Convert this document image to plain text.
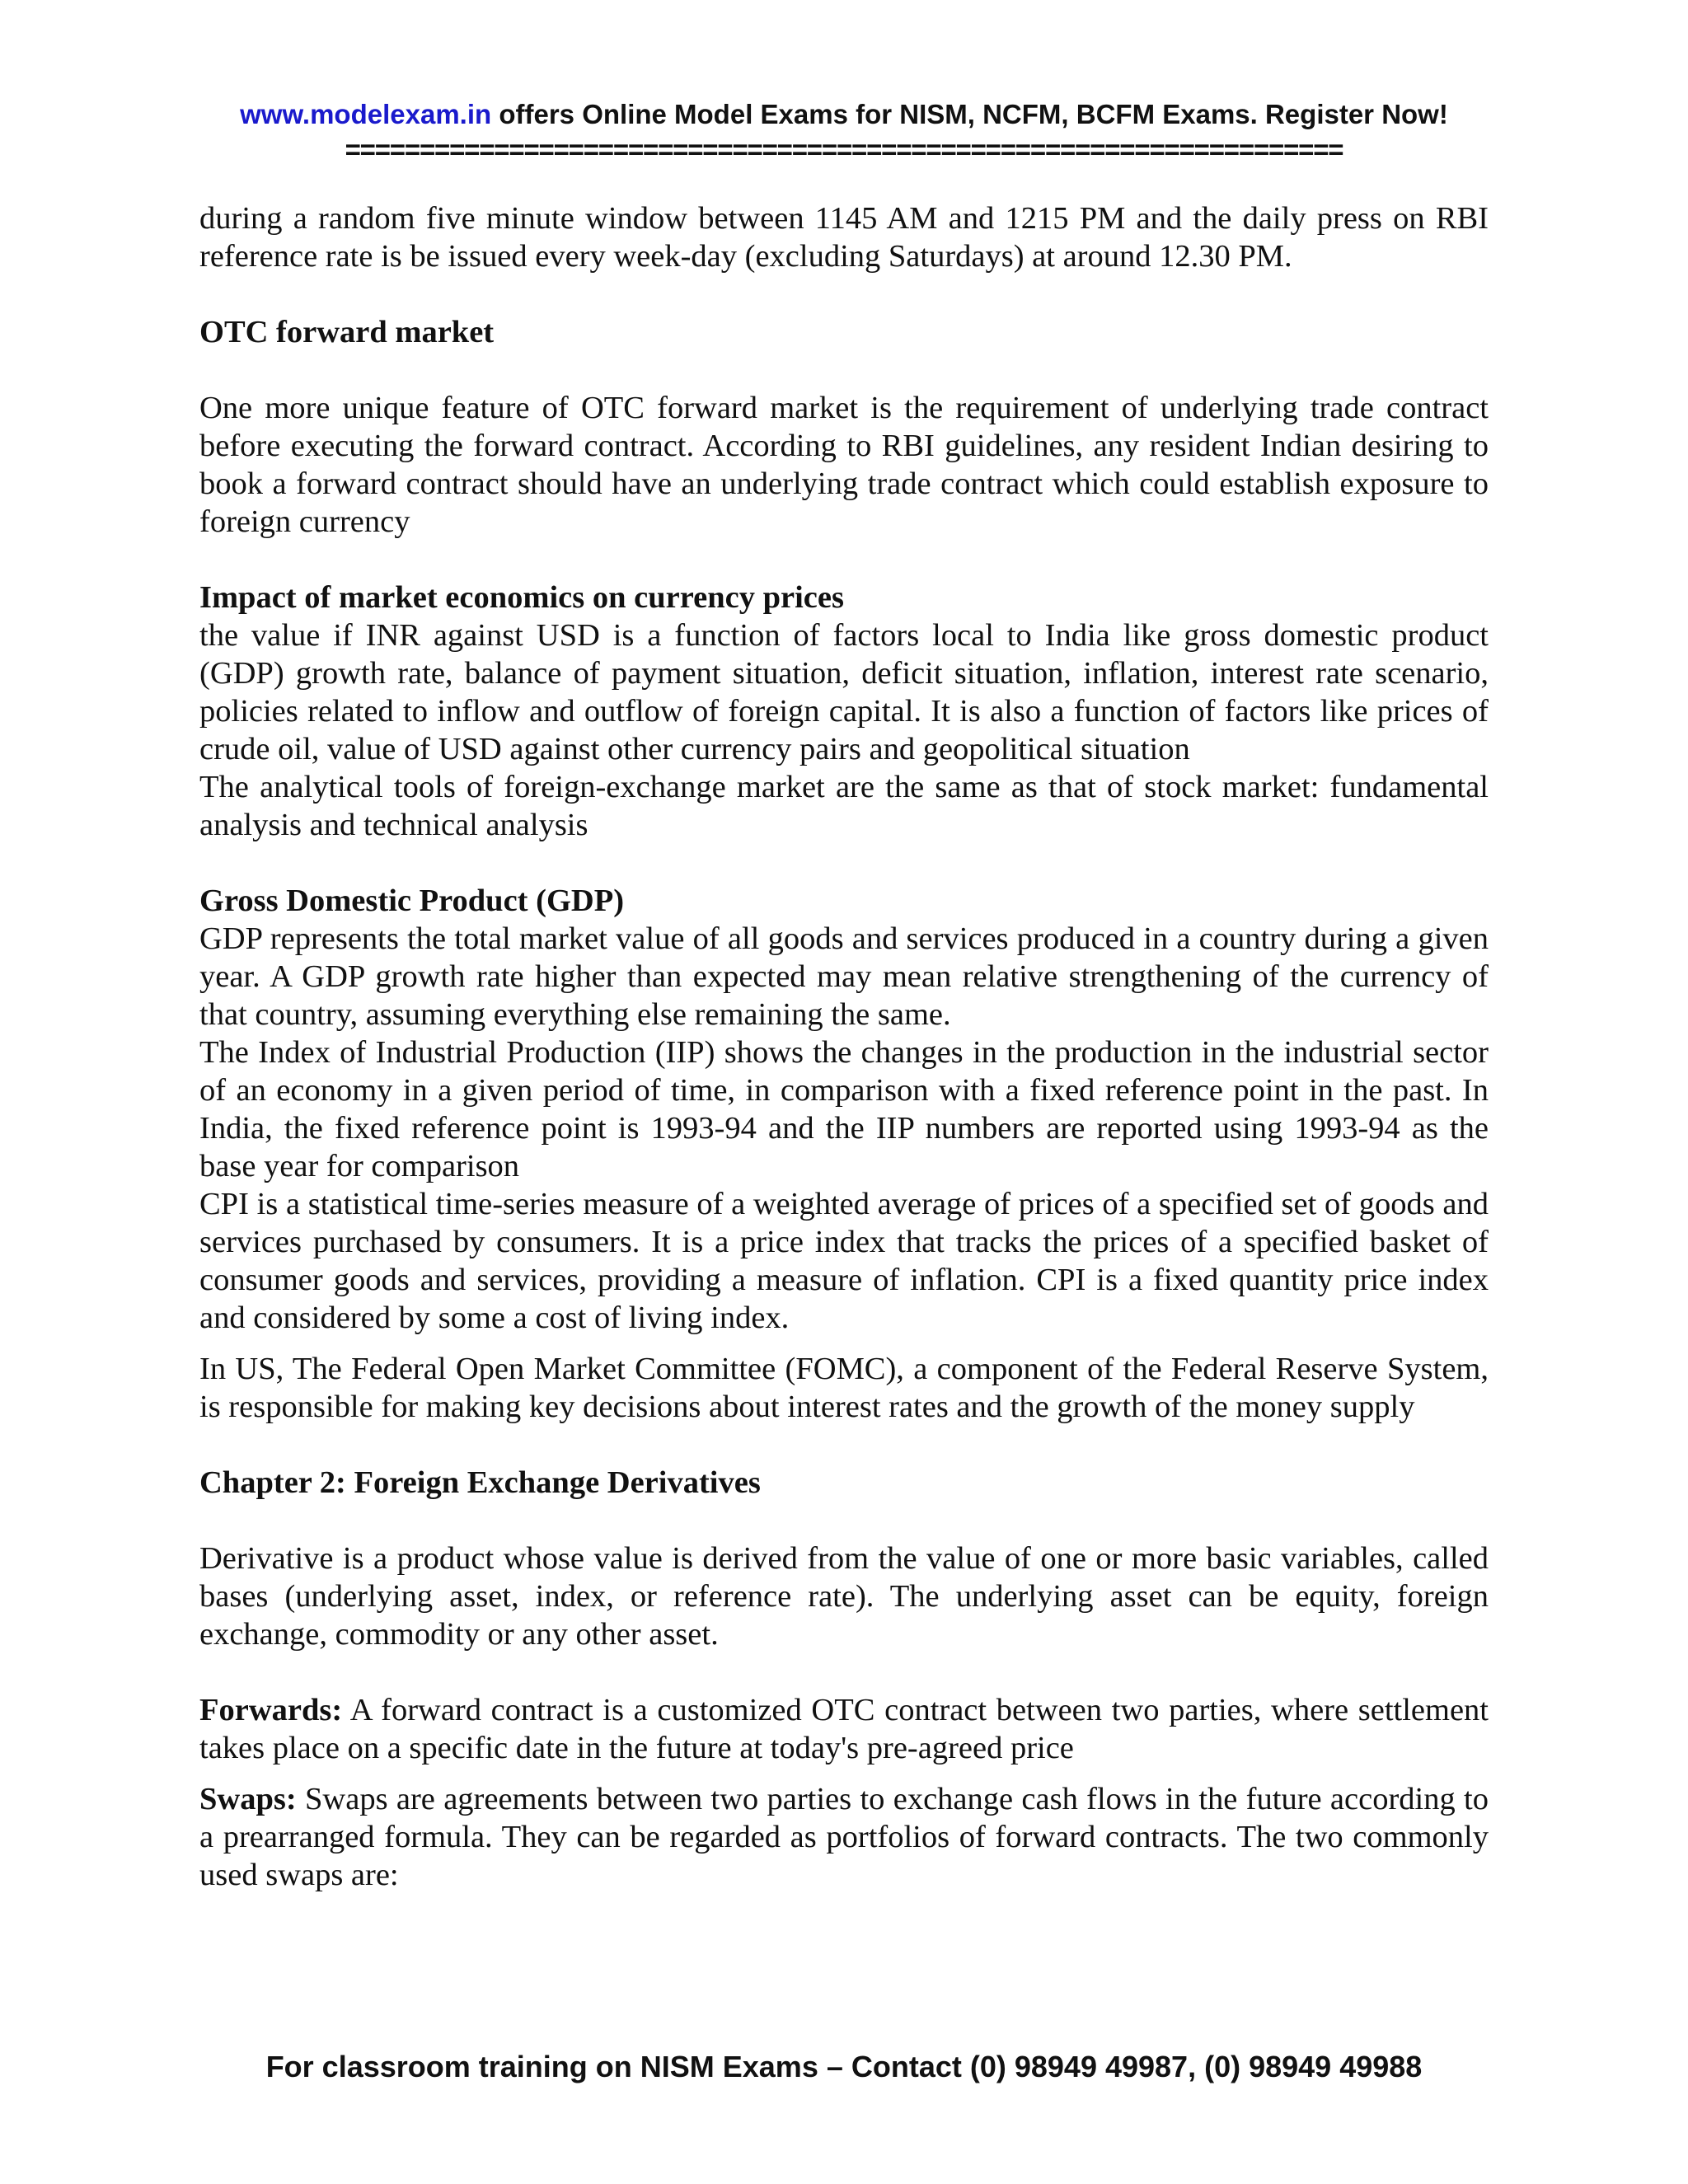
www.modelexam.in offers Online Model Exams for NISM, NCFM, BCFM Exams. Register Now!
===================================================================

during a random five minute window between 1145 AM and 1215 PM and the daily press on RBI reference rate is be issued every week-day (excluding Saturdays) at around 12.30 PM.

OTC forward market

One more unique feature of OTC forward market is the requirement of underlying trade contract before executing the forward contract. According to RBI guidelines, any resident Indian desiring to book a forward contract should have an underlying trade contract which could establish exposure to foreign currency

Impact of market economics on currency prices

the value if INR against USD is a function of factors local to India like gross domestic product (GDP) growth rate, balance of payment situation, deficit situation, inflation, interest rate scenario, policies related to inflow and outflow of foreign capital. It is also a function of factors like prices of crude oil, value of USD against other currency pairs and geopolitical situation

The analytical tools of foreign-exchange market are the same as that of stock market: fundamental analysis and technical analysis

Gross Domestic Product (GDP)

GDP represents the total market value of all goods and services produced in a country during a given year. A GDP growth rate higher than expected may mean relative strengthening of the currency of that country, assuming everything else remaining the same.

The Index of Industrial Production (IIP) shows the changes in the production in the industrial sector of an economy in a given period of time, in comparison with a fixed reference point in the past. In India, the fixed reference point is 1993-94 and the IIP numbers are reported using 1993-94 as the base year for comparison

CPI is a statistical time-series measure of a weighted average of prices of a specified set of goods and services purchased by consumers. It is a price index that tracks the prices of a specified basket of consumer goods and services, providing a measure of inflation. CPI is a fixed quantity price index and considered by some a cost of living index.

In US, The Federal Open Market Committee (FOMC), a component of the Federal Reserve System, is responsible for making key decisions about interest rates and the growth of the money supply

Chapter 2: Foreign Exchange Derivatives

Derivative is a product whose value is derived from the value of one or more basic variables, called bases (underlying asset, index, or reference rate). The underlying asset can be equity, foreign exchange, commodity or any other asset.

Forwards: A forward contract is a customized OTC contract between two parties, where settlement takes place on a specific date in the future at today's pre-agreed price

Swaps: Swaps are agreements between two parties to exchange cash flows in the future according to a prearranged formula. They can be regarded as portfolios of forward contracts. The two commonly used swaps are:

For classroom training on NISM Exams – Contact (0) 98949 49987, (0) 98949 49988
